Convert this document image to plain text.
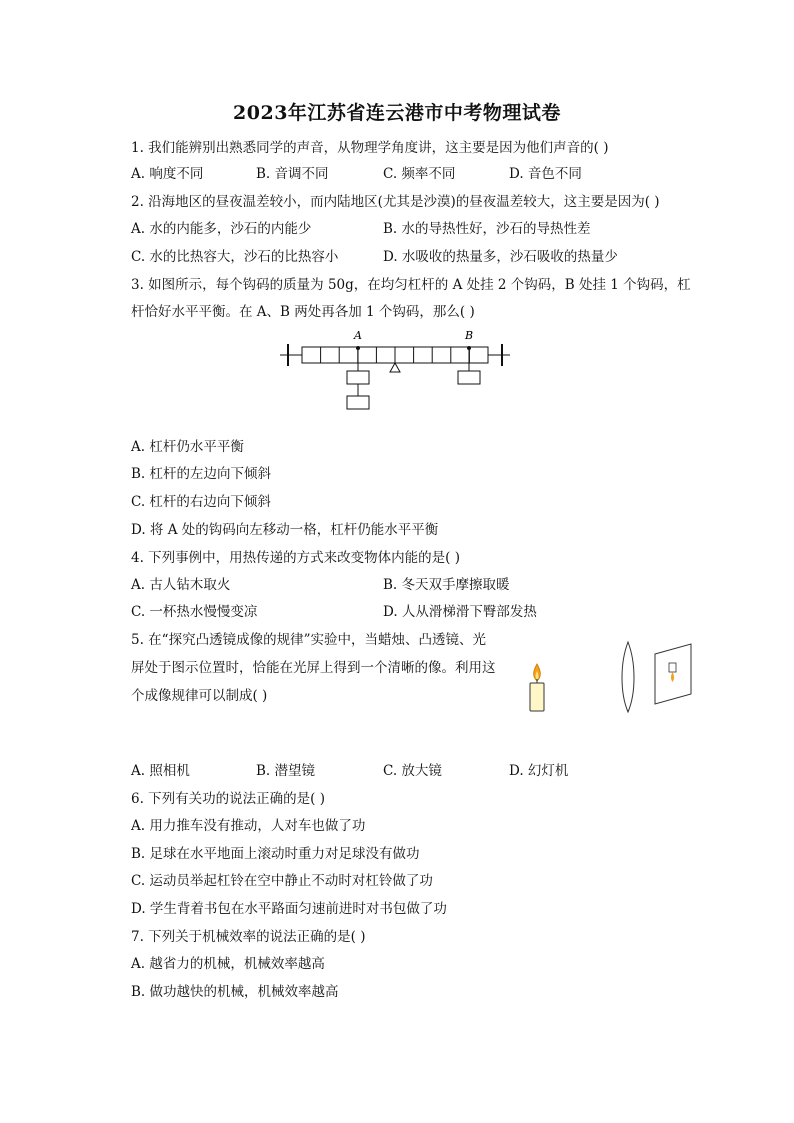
2023年江苏省连云港市中考物理试卷
1. 我们能辨别出熟悉同学的声音，从物理学角度讲，这主要是因为他们声音的( )
A. 响度不同	B. 音调不同	C. 频率不同	D. 音色不同
2. 沿海地区的昼夜温差较小，而内陆地区(尤其是沙漠)的昼夜温差较大，这主要是因为( )
A. 水的内能多，沙石的内能少	B. 水的导热性好，沙石的导热性差
C. 水的比热容大，沙石的比热容小	D. 水吸收的热量多，沙石吸收的热量少
3. 如图所示，每个钩码的质量为 50g，在均匀杠杆的 A 处挂 2 个钩码，B 处挂 1 个钩码，杠
杆恰好水平平衡。在 A、B 两处再各加 1 个钩码，那么( )
A	B
A. 杠杆仍水平平衡
B. 杠杆的左边向下倾斜
C. 杠杆的右边向下倾斜
D. 将 A 处的钩码向左移动一格，杠杆仍能水平平衡
4. 下列事例中，用热传递的方式来改变物体内能的是( )
A. 古人钻木取火	B. 冬天双手摩擦取暖
C. 一杯热水慢慢变凉	D. 人从滑梯滑下臀部发热
5. 在“探究凸透镜成像的规律”实验中，当蜡烛、凸透镜、光
屏处于图示位置时，恰能在光屏上得到一个清晰的像。利用这
个成像规律可以制成( )
A. 照相机	B. 潜望镜	C. 放大镜	D. 幻灯机
6. 下列有关功的说法正确的是( )
A. 用力推车没有推动，人对车也做了功
B. 足球在水平地面上滚动时重力对足球没有做功
C. 运动员举起杠铃在空中静止不动时对杠铃做了功
D. 学生背着书包在水平路面匀速前进时对书包做了功
7. 下列关于机械效率的说法正确的是( )
A. 越省力的机械，机械效率越高
B. 做功越快的机械，机械效率越高
